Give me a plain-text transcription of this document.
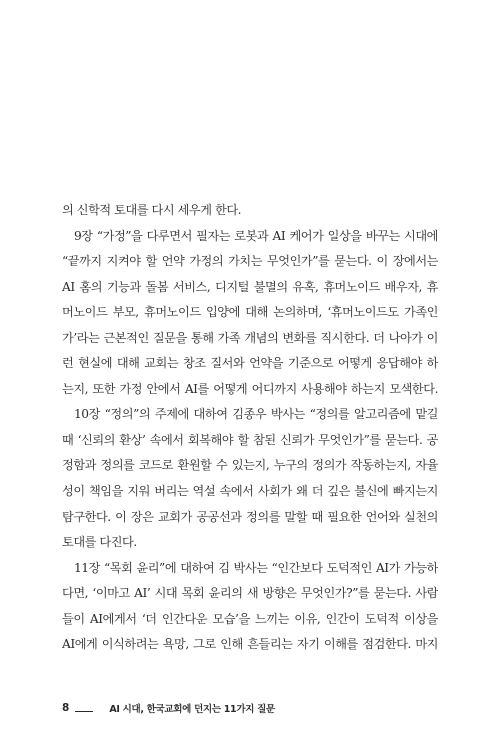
의 신학적 토대를 다시 세우게 한다.

9장 “가정”을 다루면서 필자는 로봇과 AI 케어가 일상을 바꾸는 시대에
“끝까지 지켜야 할 언약 가정의 가치는 무엇인가”를 묻는다. 이 장에서는
AI 홈의 기능과 돌봄 서비스, 디지털 불멸의 유혹, 휴머노이드 배우자, 휴
머노이드 부모, 휴머노이드 입양에 대해 논의하며, ‘휴머노이드도 가족인
가’라는 근본적인 질문을 통해 가족 개념의 변화를 직시한다. 더 나아가 이
런 현실에 대해 교회는 창조 질서와 언약을 기준으로 어떻게 응답해야 하
는지, 또한 가정 안에서 AI를 어떻게 어디까지 사용해야 하는지 모색한다.

10장 “정의”의 주제에 대하여 김종우 박사는 “정의를 알고리즘에 맡길
때 ‘신뢰의 환상’ 속에서 회복해야 할 참된 신뢰가 무엇인가”를 묻는다. 공
정함과 정의를 코드로 환원할 수 있는지, 누구의 정의가 작동하는지, 자율
성이 책임을 지워 버리는 역설 속에서 사회가 왜 더 깊은 불신에 빠지는지
탐구한다. 이 장은 교회가 공공선과 정의를 말할 때 필요한 언어와 실천의
토대를 다진다.

11장 “목회 윤리”에 대하여 김 박사는 “인간보다 도덕적인 AI가 가능하
다면, ‘이마고 AI’ 시대 목회 윤리의 새 방향은 무엇인가?”를 묻는다. 사람
들이 AI에게서 ‘더 인간다운 모습’을 느끼는 이유, 인간이 도덕적 이상을
AI에게 이식하려는 욕망, 그로 인해 흔들리는 자기 이해를 점검한다. 마지

8	AI 시대, 한국교회에 던지는 11가지 질문
